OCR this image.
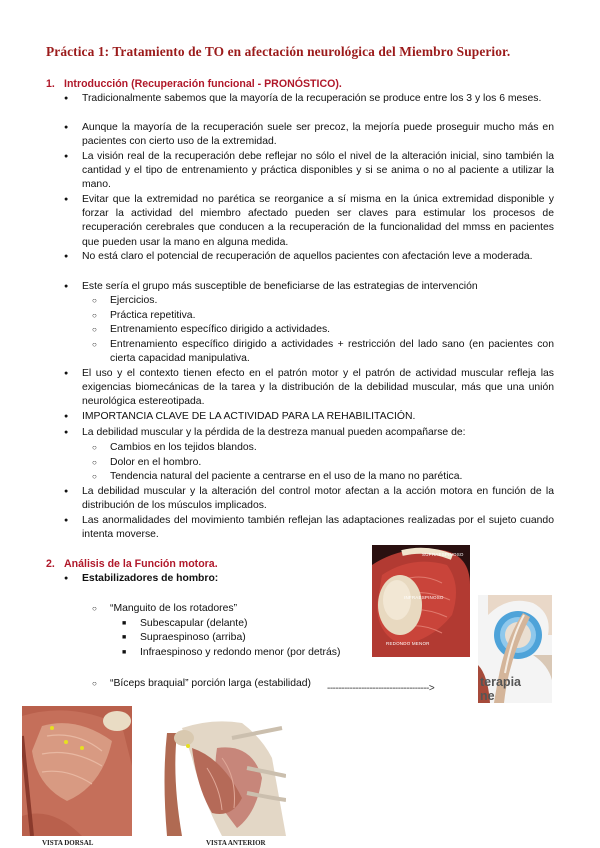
Práctica 1: Tratamiento de TO en afectación neurológica del Miembro Superior.
1. Introducción (Recuperación funcional - PRONÓSTICO).
● Tradicionalmente sabemos que la mayoría de la recuperación se produce entre los 3 y los 6 meses.
● Aunque la mayoría de la recuperación suele ser precoz, la mejoría puede proseguir mucho más en pacientes con cierto uso de la extremidad.
● La visión real de la recuperación debe reflejar no sólo el nivel de la alteración inicial, sino también la cantidad y el tipo de entrenamiento y práctica disponibles y si se anima o no al paciente a utilizar la mano.
● Evitar que la extremidad no parética se reorganice a sí misma en la única extremidad disponible y forzar la actividad del miembro afectado pueden ser claves para estimular los procesos de recuperación cerebrales que conducen a la recuperación de la funcionalidad del mmss en pacientes que pueden usar la mano en alguna medida.
● No está claro el potencial de recuperación de aquellos pacientes con afectación leve a moderada.
● Este sería el grupo más susceptible de beneficiarse de las estrategias de intervención
○ Ejercicios.
○ Práctica repetitiva.
○ Entrenamiento específico dirigido a actividades.
○ Entrenamiento específico dirigido a actividades + restricción del lado sano (en pacientes con cierta capacidad manipulativa.
● El uso y el contexto tienen efecto en el patrón motor y el patrón de actividad muscular refleja las exigencias biomecánicas de la tarea y la distribución de la debilidad muscular, más que una unión neurológica estereotipada.
● IMPORTANCIA CLAVE DE LA ACTIVIDAD PARA LA REHABILITACIÓN.
● La debilidad muscular y la pérdida de la destreza manual pueden acompañarse de:
○ Cambios en los tejidos blandos.
○ Dolor en el hombro.
○ Tendencia natural del paciente a centrarse en el uso de la mano no parética.
● La debilidad muscular y la alteración del control motor afectan a la acción motora en función de la distribución de los músculos implicados.
● Las anormalidades del movimiento también reflejan las adaptaciones realizadas por el sujeto cuando intenta moverse.
2. Análisis de la Función motora.
● Estabilizadores de hombro:
○ “Manguito de los rotadores”
■ Subescapular (delante)
■ Supraespinoso (arriba)
■ Infraespinoso y redondo menor (por detrás)
○ “Bíceps braquial” porción larga (estabilidad)	------------------------------------>
SUPRAESPINOSO
INFRAESPINOSO
REDONDO MENOR
terapia
ne
VISTA DORSAL	VISTA ANTERIOR
